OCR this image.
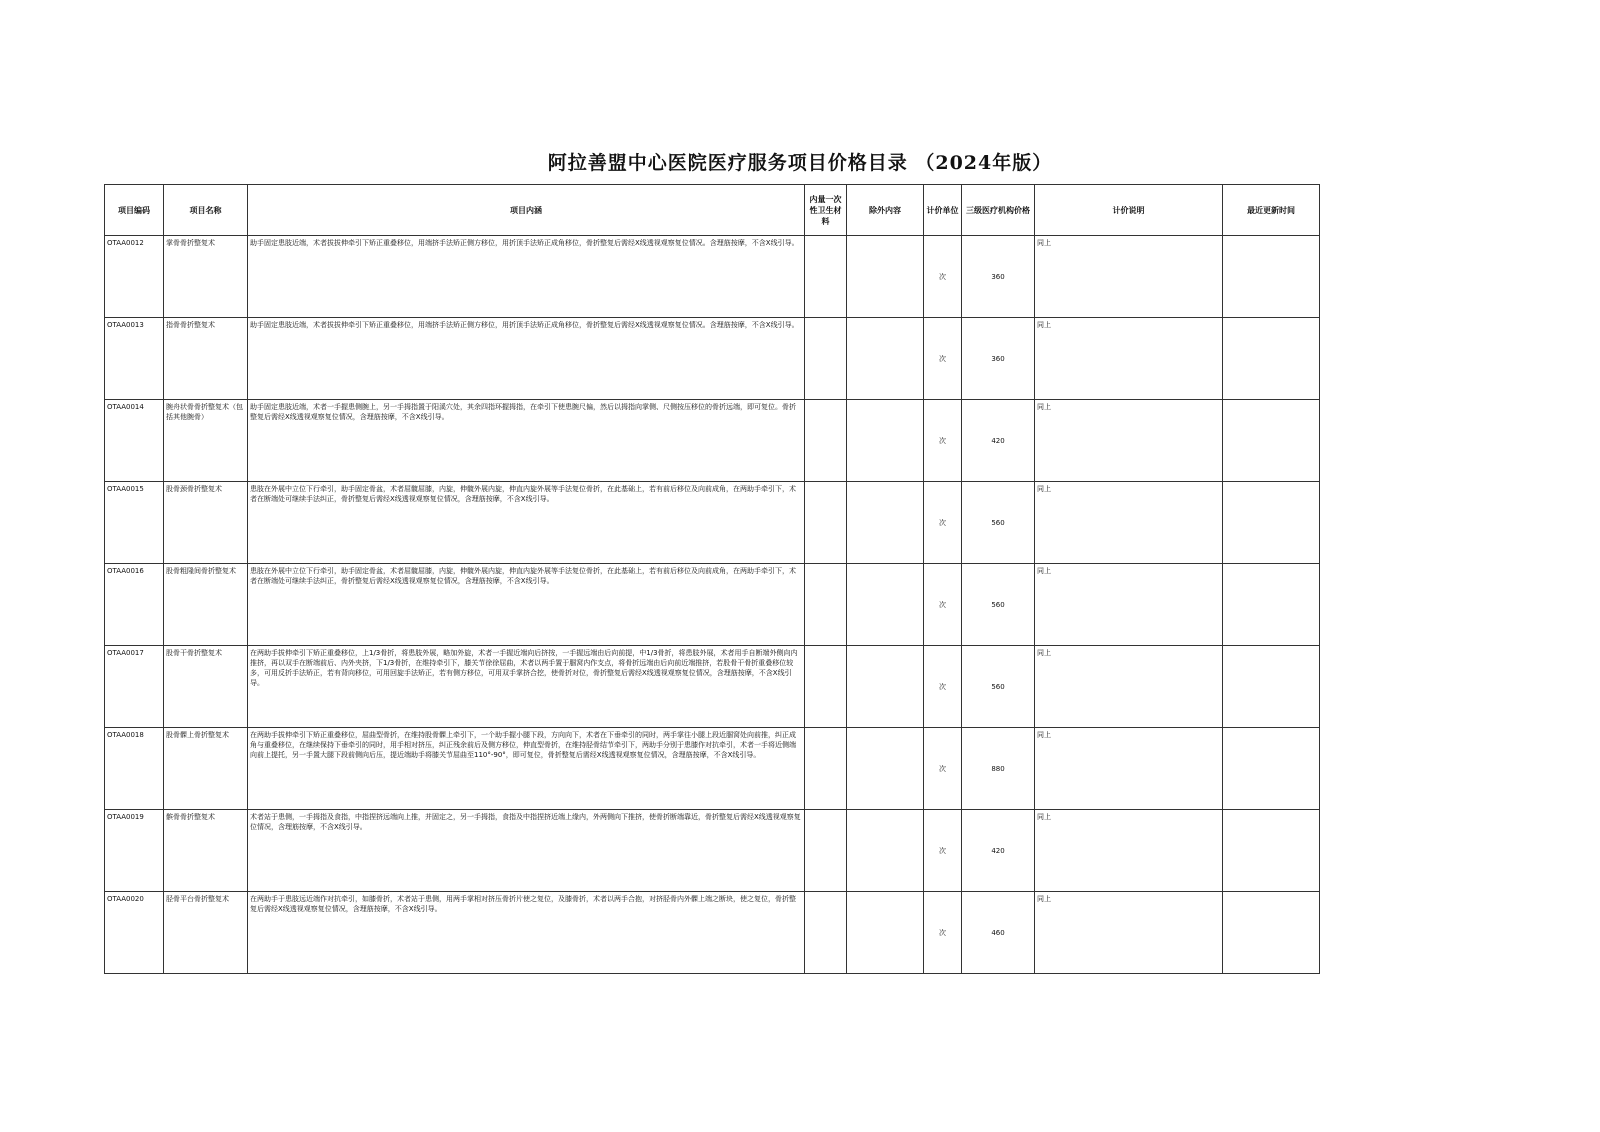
阿拉善盟中心医院医疗服务项目价格目录 （2024年版）
项目编码	项目名称	项目内涵	内量一次性卫生材料	除外内容	计价单位	三级医疗机构价格	计价说明	最近更新时间
OTAA0012	掌骨骨折整复术	助手固定患肢近端，术者拔拔伸牵引下矫正重叠移位，用端挤手法矫正侧方移位，用折顶手法矫正成角移位，骨折整复后需经X线透视观察复位情况。含理筋按摩，不含X线引导。			次	360	同上	
OTAA0013	指骨骨折整复术	助手固定患肢近端，术者拔拔伸牵引下矫正重叠移位，用端挤手法矫正侧方移位，用折顶手法矫正成角移位，骨折整复后需经X线透视观察复位情况。含理筋按摩，不含X线引导。			次	360	同上	
OTAA0014	腕舟状骨骨折整复术（包括其他腕骨）	助手固定患肢近端，术者一手握患侧腕上，另一手拇指置于阳溪穴处，其余四指环握拇指，在牵引下使患腕尺偏，然后以拇指向掌侧、尺侧按压移位的骨折远端，即可复位。骨折整复后需经X线透视观察复位情况，含理筋按摩，不含X线引导。			次	420	同上	
OTAA0015	股骨颈骨折整复术	患肢在外展中立位下行牵引，助手固定骨盆，术者屈髋屈膝，内旋，伸髋外展内旋，伸直内旋外展等手法复位骨折，在此基础上，若有前后移位及向前成角，在两助手牵引下，术者在断端处可继续手法纠正，骨折整复后需经X线透视观察复位情况，含理筋按摩，不含X线引导。			次	560	同上	
OTAA0016	股骨粗隆间骨折整复术	患肢在外展中立位下行牵引，助手固定骨盆，术者屈髋屈膝，内旋，伸髋外展内旋，伸直内旋外展等手法复位骨折，在此基础上，若有前后移位及向前成角，在两助手牵引下，术者在断端处可继续手法纠正，骨折整复后需经X线透视观察复位情况，含理筋按摩，不含X线引导。			次	560	同上	
OTAA0017	股骨干骨折整复术	在两助手拔伸牵引下矫正重叠移位，上1/3骨折，将患肢外展，略加外旋，术者一手握近端向后挤按，一手握远端由后向前提，中1/3骨折，将患肢外展，术者用手自断端外侧向内推挤，再以双手在断端前后、内外夹挤，下1/3骨折，在维持牵引下，膝关节徐徐屈曲，术者以两手置于腘窝内作支点，将骨折远端由后向前近端推挤，若股骨干骨折重叠移位较多，可用反折手法矫正，若有背向移位，可用回旋手法矫正，若有侧方移位，可用双手掌挤合挖，使骨折对位，骨折整复后需经X线透视观察复位情况，含理筋按摩，不含X线引导。			次	560	同上	
OTAA0018	股骨髁上骨折整复术	在两助手拔伸牵引下矫正重叠移位，屈曲型骨折，在维持股骨髁上牵引下，一个助手握小腿下段，方向向下，术者在下垂牵引的同时，两手掌往小腿上段近腘窝处向前推，纠正成角与重叠移位，在继续保持下垂牵引的同时，用手相对挤压，纠正残余前后及侧方移位，伸直型骨折，在维持胫骨结节牵引下，两助手分别于患膝作对抗牵引，术者一手将近侧端向前上提托，另一手置大腿下段前侧向后压，提近端助手将膝关节屈曲至110°-90°，即可复位，骨折整复后需经X线透视观察复位情况，含理筋按摩，不含X线引导。			次	880	同上	
OTAA0019	髌骨骨折整复术	术者站于患侧，一手拇指及食指，中指捏挤远端向上推，并固定之，另一手拇指，食指及中指捏挤近端上缘内，外两侧向下推挤，使骨折断端靠近，骨折整复后需经X线透视观察复位情况，含理筋按摩，不含X线引导。			次	420	同上	
OTAA0020	胫骨平台骨折整复术	在两助手于患肢远近端作对抗牵引，如膝骨折，术者站于患侧，用两手掌相对挤压骨折片使之复位，及膝骨折，术者以两手合抱，对挤胫骨内外髁上端之断块，使之复位，骨折整复后需经X线透视观察复位情况，含理筋按摩，不含X线引导。			次	460	同上	
